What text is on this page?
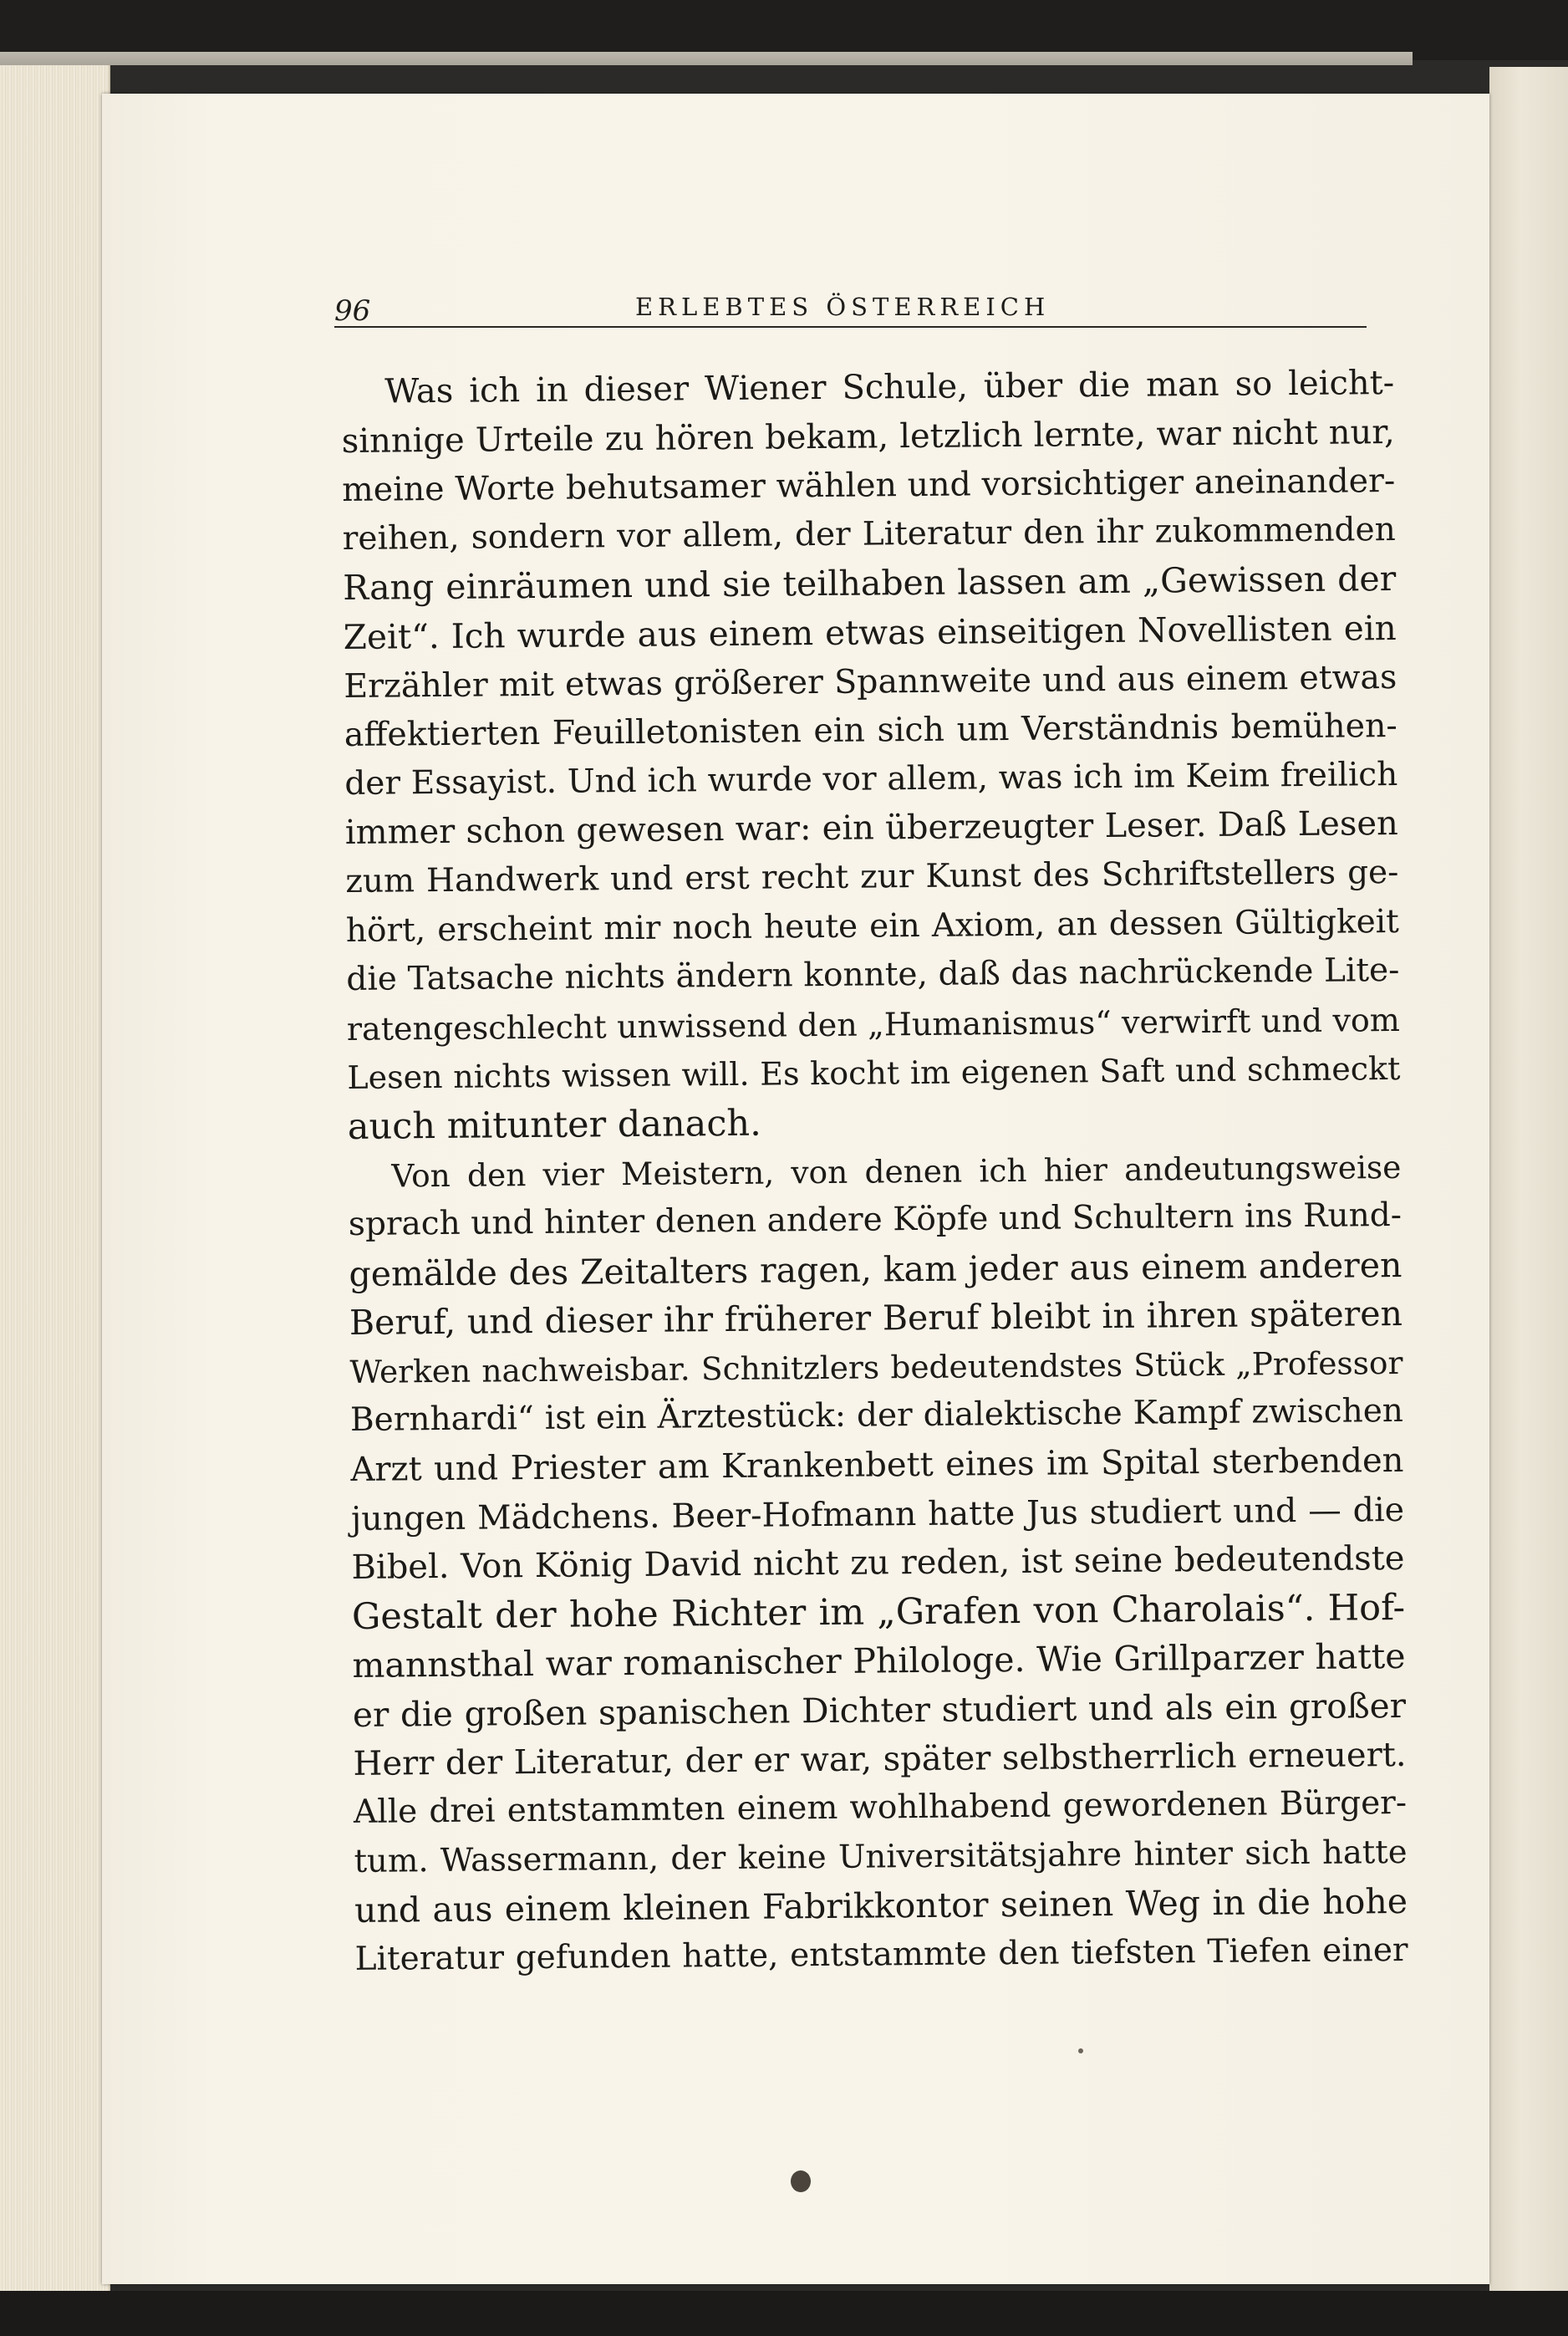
96	ERLEBTES ÖSTERREICH

Was ich in dieser Wiener Schule, über die man so leicht-
sinnige Urteile zu hören bekam, letzlich lernte, war nicht nur,
meine Worte behutsamer wählen und vorsichtiger aneinander-
reihen, sondern vor allem, der Literatur den ihr zukommenden
Rang einräumen und sie teilhaben lassen am „Gewissen der
Zeit“. Ich wurde aus einem etwas einseitigen Novellisten ein
Erzähler mit etwas größerer Spannweite und aus einem etwas
affektierten Feuilletonisten ein sich um Verständnis bemühen-
der Essayist. Und ich wurde vor allem, was ich im Keim freilich
immer schon gewesen war: ein überzeugter Leser. Daß Lesen
zum Handwerk und erst recht zur Kunst des Schriftstellers ge-
hört, erscheint mir noch heute ein Axiom, an dessen Gültigkeit
die Tatsache nichts ändern konnte, daß das nachrückende Lite-
ratengeschlecht unwissend den „Humanismus“ verwirft und vom
Lesen nichts wissen will. Es kocht im eigenen Saft und schmeckt
auch mitunter danach.

Von den vier Meistern, von denen ich hier andeutungsweise
sprach und hinter denen andere Köpfe und Schultern ins Rund-
gemälde des Zeitalters ragen, kam jeder aus einem anderen
Beruf, und dieser ihr früherer Beruf bleibt in ihren späteren
Werken nachweisbar. Schnitzlers bedeutendstes Stück „Professor
Bernhardi“ ist ein Ärztestück: der dialektische Kampf zwischen
Arzt und Priester am Krankenbett eines im Spital sterbenden
jungen Mädchens. Beer-Hofmann hatte Jus studiert und — die
Bibel. Von König David nicht zu reden, ist seine bedeutendste
Gestalt der hohe Richter im „Grafen von Charolais“. Hof-
mannsthal war romanischer Philologe. Wie Grillparzer hatte
er die großen spanischen Dichter studiert und als ein großer
Herr der Literatur, der er war, später selbstherrlich erneuert.
Alle drei entstammten einem wohlhabend gewordenen Bürger-
tum. Wassermann, der keine Universitätsjahre hinter sich hatte
und aus einem kleinen Fabrikkontor seinen Weg in die hohe
Literatur gefunden hatte, entstammte den tiefsten Tiefen einer
